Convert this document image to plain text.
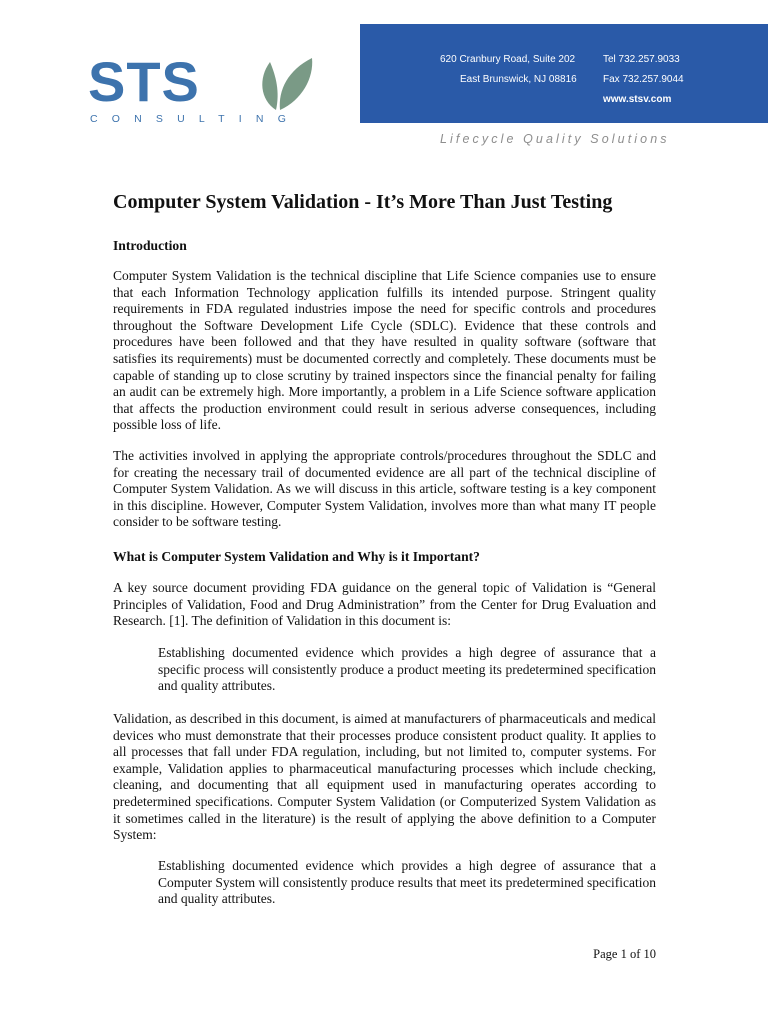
STS
CONSULTING
620 Cranbury Road, Suite 202
East Brunswick, NJ 08816
Tel 732.257.9033
Fax 732.257.9044
www.stsv.com
Lifecycle Quality Solutions
Computer System Validation - It’s More Than Just Testing
Introduction
Computer System Validation is the technical discipline that Life Science companies use to ensure that each Information Technology application fulfills its intended purpose. Stringent quality requirements in FDA regulated industries impose the need for specific controls and procedures throughout the Software Development Life Cycle (SDLC). Evidence that these controls and procedures have been followed and that they have resulted in quality software (software that satisfies its requirements) must be documented correctly and completely. These documents must be capable of standing up to close scrutiny by trained inspectors since the financial penalty for failing an audit can be extremely high. More importantly, a problem in a Life Science software application that affects the production environment could result in serious adverse consequences, including possible loss of life.
The activities involved in applying the appropriate controls/procedures throughout the SDLC and for creating the necessary trail of documented evidence are all part of the technical discipline of Computer System Validation. As we will discuss in this article, software testing is a key component in this discipline. However, Computer System Validation, involves more than what many IT people consider to be software testing.
What is Computer System Validation and Why is it Important?
A key source document providing FDA guidance on the general topic of Validation is “General Principles of Validation, Food and Drug Administration” from the Center for Drug Evaluation and Research. [1]. The definition of Validation in this document is:
Establishing documented evidence which provides a high degree of assurance that a specific process will consistently produce a product meeting its predetermined specification and quality attributes.
Validation, as described in this document, is aimed at manufacturers of pharmaceuticals and medical devices who must demonstrate that their processes produce consistent product quality. It applies to all processes that fall under FDA regulation, including, but not limited to, computer systems. For example, Validation applies to pharmaceutical manufacturing processes which include checking, cleaning, and documenting that all equipment used in manufacturing operates according to predetermined specifications. Computer System Validation (or Computerized System Validation as it sometimes called in the literature) is the result of applying the above definition to a Computer System:
Establishing documented evidence which provides a high degree of assurance that a Computer System will consistently produce results that meet its predetermined specification and quality attributes.
Page 1 of 10
